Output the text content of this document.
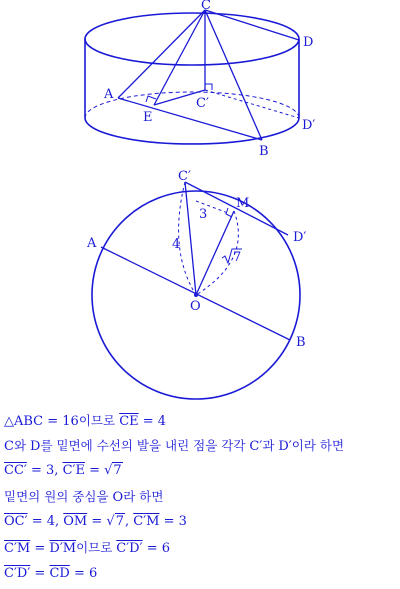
C
D
A
E
C′
D′
B
C′
M
D′
A
O
B
3
4
7
△ABC = 16이므로 $\overline{CE} = 4$
C와 D를 밑면에 수선의 발을 내린 점을 각각 C′과 D′이라 하면
CC′ = 3, C′E = √7
밑면의 원의 중심을 O라 하면
OC′ = 4, $\overline{OM} = √7$, C′M = 3
C′M = D′M이므로 C′D′ = 6
$C'D' = \overline{CD} = 6$
